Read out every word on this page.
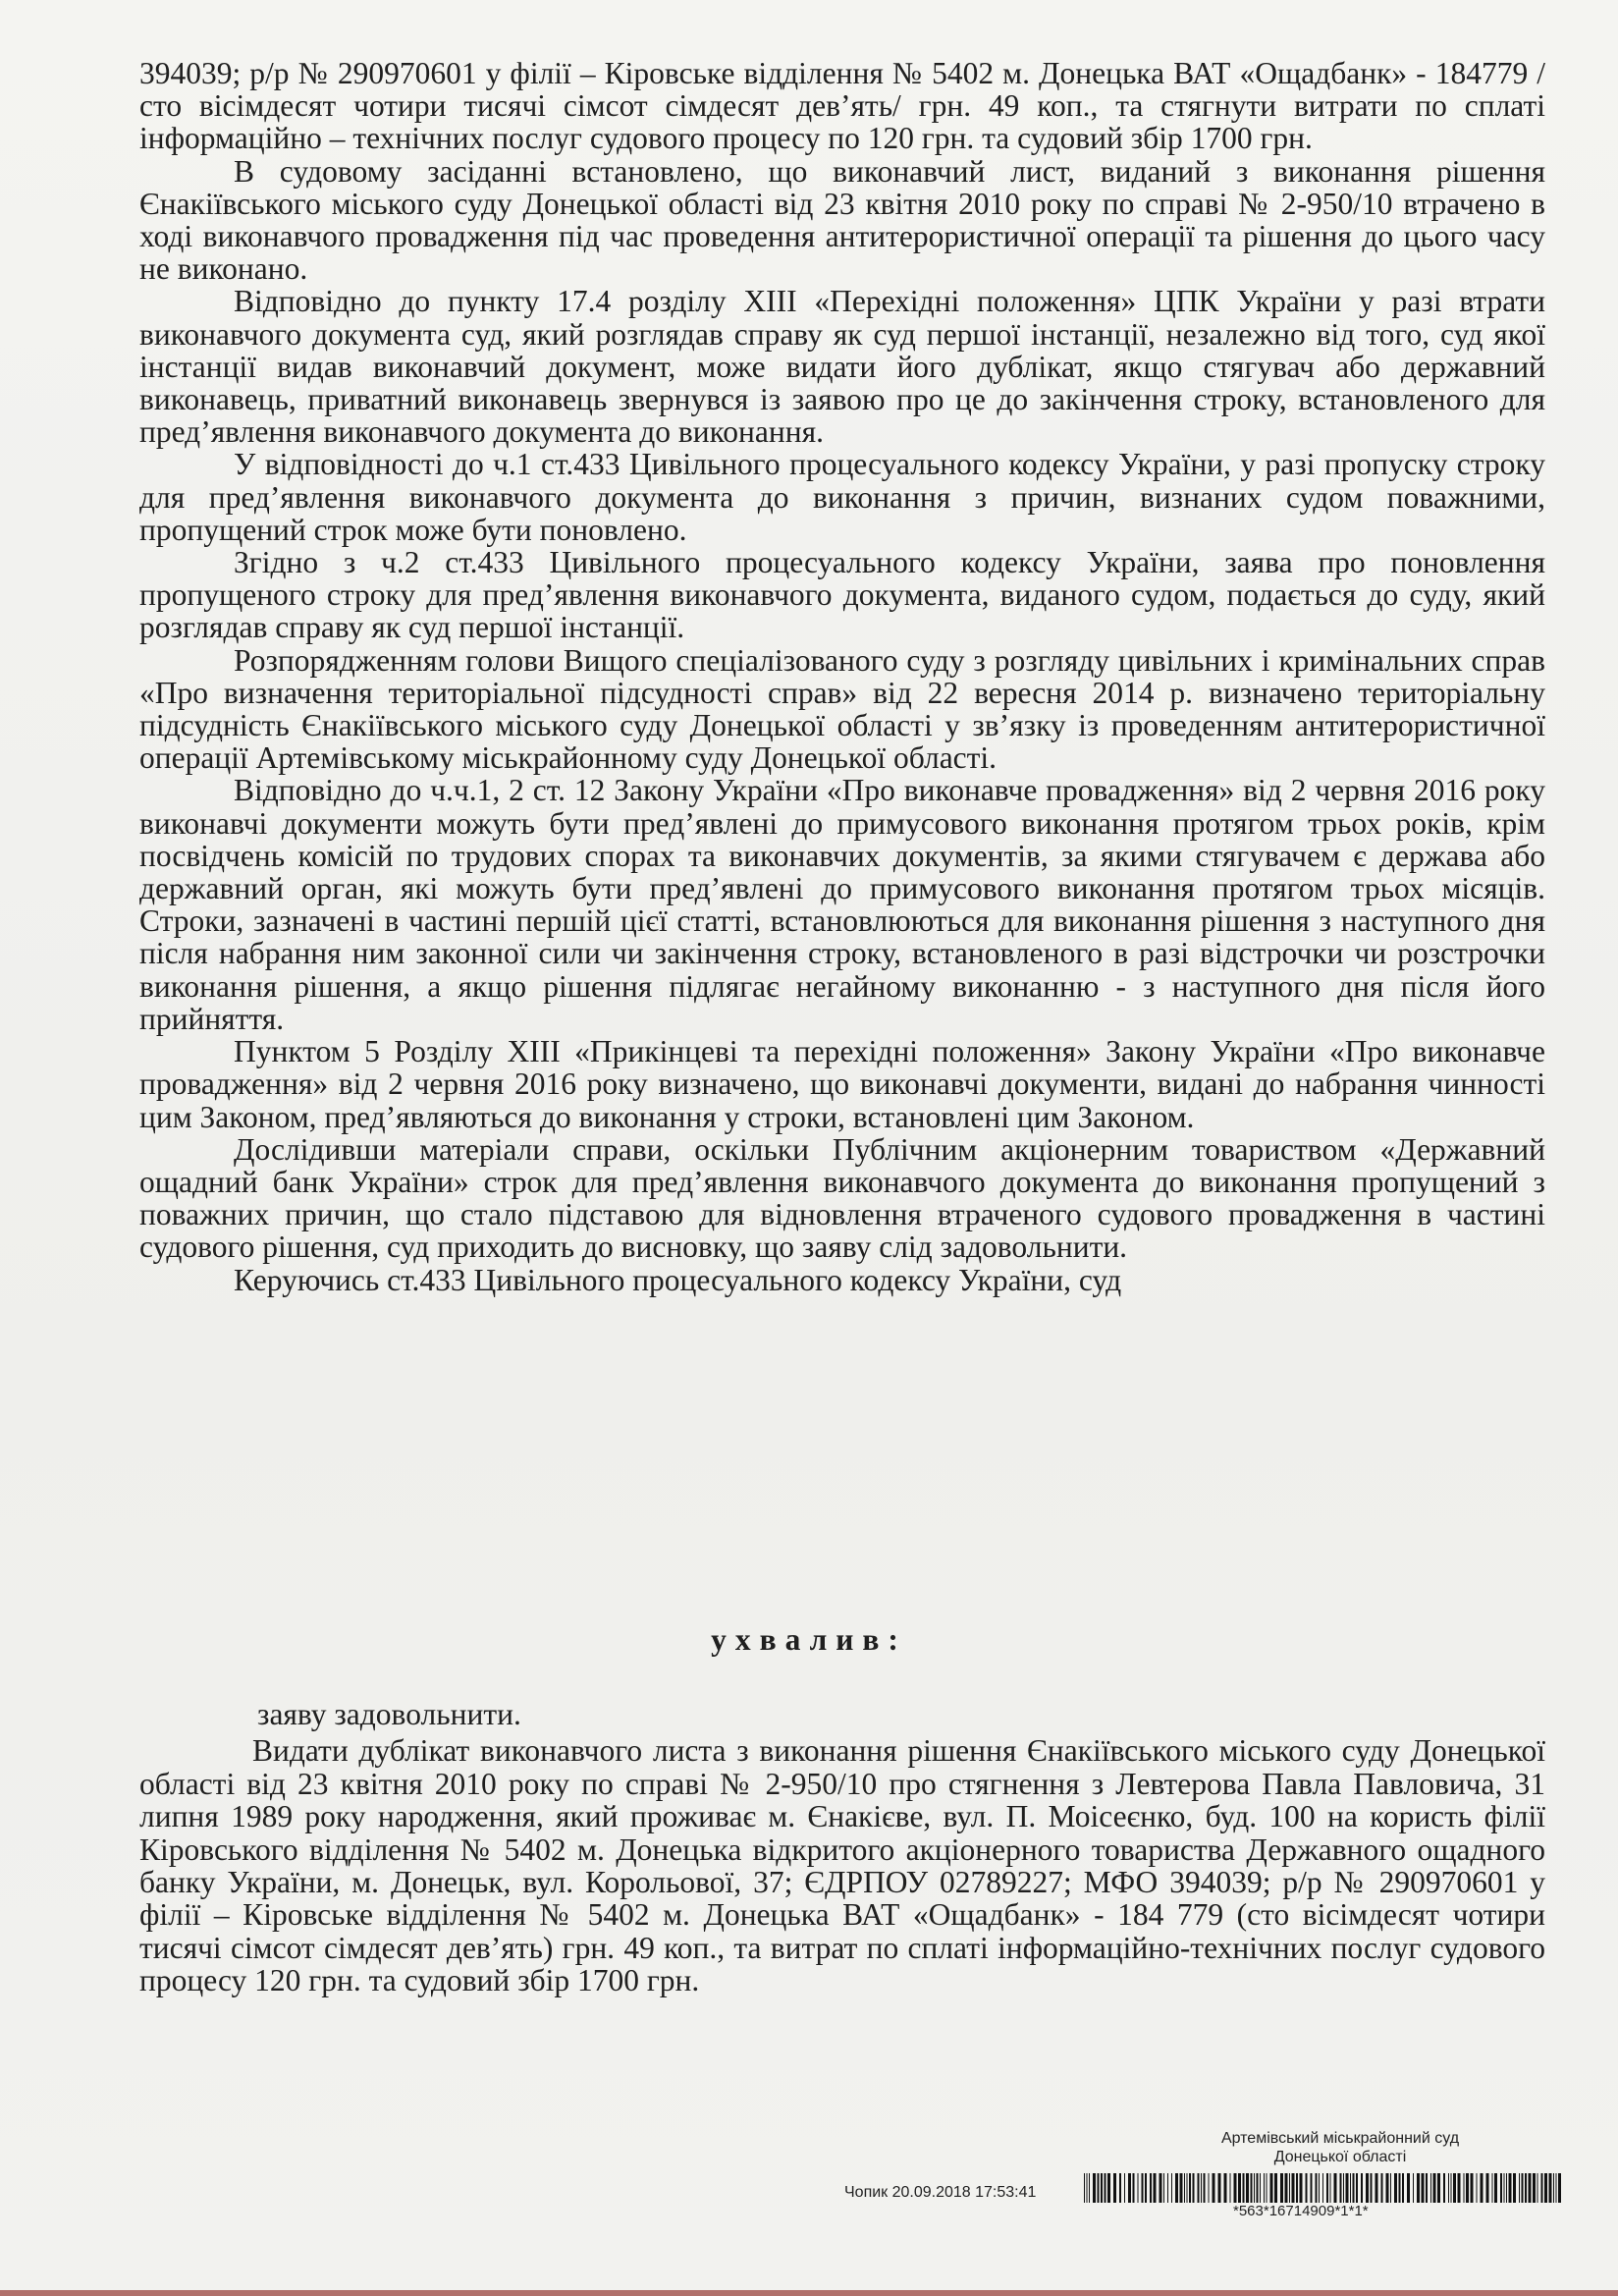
394039; р/р № 290970601 у філії – Кіровське відділення № 5402 м. Донецька ВАТ «Ощадбанк» - 184779 /сто вісімдесят чотири тисячі сімсот сімдесят дев’ять/ грн. 49 коп., та стягнути витрати по сплаті інформаційно – технічних послуг судового процесу по 120 грн. та судовий збір 1700 грн.

В судовому засіданні встановлено, що виконавчий лист, виданий з виконання рішення Єнакіївського міського суду Донецької області від 23 квітня 2010 року по справі № 2-950/10 втрачено в ході виконавчого провадження під час проведення антитерористичної операції та рішення до цього часу не виконано.

Відповідно до пункту 17.4 розділу XIII «Перехідні положення» ЦПК України у разі втрати виконавчого документа суд, який розглядав справу як суд першої інстанції, незалежно від того, суд якої інстанції видав виконавчий документ, може видати його дублікат, якщо стягувач або державний виконавець, приватний виконавець звернувся із заявою про це до закінчення строку, встановленого для пред’явлення виконавчого документа до виконання.

У відповідності до ч.1 ст.433 Цивільного процесуального кодексу України, у разі пропуску строку для пред’явлення виконавчого документа до виконання з причин, визнаних судом поважними, пропущений строк може бути поновлено.

Згідно з ч.2 ст.433 Цивільного процесуального кодексу України, заява про поновлення пропущеного строку для пред’явлення виконавчого документа, виданого судом, подається до суду, який розглядав справу як суд першої інстанції.

Розпорядженням голови Вищого спеціалізованого суду з розгляду цивільних і кримінальних справ «Про визначення територіальної підсудності справ» від 22 вересня 2014 р. визначено територіальну підсудність Єнакіївського міського суду Донецької області у зв’язку із проведенням антитерористичної операції Артемівському міськрайонному суду Донецької області.

Відповідно до ч.ч.1, 2 ст. 12 Закону України «Про виконавче провадження» від 2 червня 2016 року виконавчі документи можуть бути пред’явлені до примусового виконання протягом трьох років, крім посвідчень комісій по трудових спорах та виконавчих документів, за якими стягувачем є держава або державний орган, які можуть бути пред’явлені до примусового виконання протягом трьох місяців. Строки, зазначені в частині першій цієї статті, встановлюються для виконання рішення з наступного дня після набрання ним законної сили чи закінчення строку, встановленого в разі відстрочки чи розстрочки виконання рішення, а якщо рішення підлягає негайному виконанню - з наступного дня після його прийняття.

Пунктом 5 Розділу XIII «Прикінцеві та перехідні положення» Закону України «Про виконавче провадження» від 2 червня 2016 року визначено, що виконавчі документи, видані до набрання чинності цим Законом, пред’являються до виконання у строки, встановлені цим Законом.

Дослідивши матеріали справи, оскільки Публічним акціонерним товариством «Державний ощадний банк України» строк для пред’явлення виконавчого документа до виконання пропущений з поважних причин, що стало підставою для відновлення втраченого судового провадження в частині судового рішення, суд приходить до висновку, що заяву слід задовольнити.

Керуючись ст.433 Цивільного процесуального кодексу України, суд

ухвалив:

заяву задовольнити.

Видати дублікат виконавчого листа з виконання рішення Єнакіївського міського суду Донецької області від 23 квітня 2010 року по справі № 2-950/10 про стягнення з Левтерова Павла Павловича, 31 липня 1989 року народження, який проживає м. Єнакієве, вул. П. Моісеєнко, буд. 100 на користь філії Кіровського відділення № 5402 м. Донецька відкритого акціонерного товариства Державного ощадного банку України, м. Донецьк, вул. Корольової, 37; ЄДРПОУ 02789227; МФО 394039; р/р № 290970601 у філії – Кіровське відділення № 5402 м. Донецька ВАТ «Ощадбанк» - 184 779 (сто вісімдесят чотири тисячі сімсот сімдесят дев’ять) грн. 49 коп., та витрат по сплаті інформаційно-технічних послуг судового процесу 120 грн. та судовий збір 1700 грн.

Артемівський міськрайонний суд
Донецької області
Чопик 20.09.2018 17:53:41
*563*16714909*1*1*
